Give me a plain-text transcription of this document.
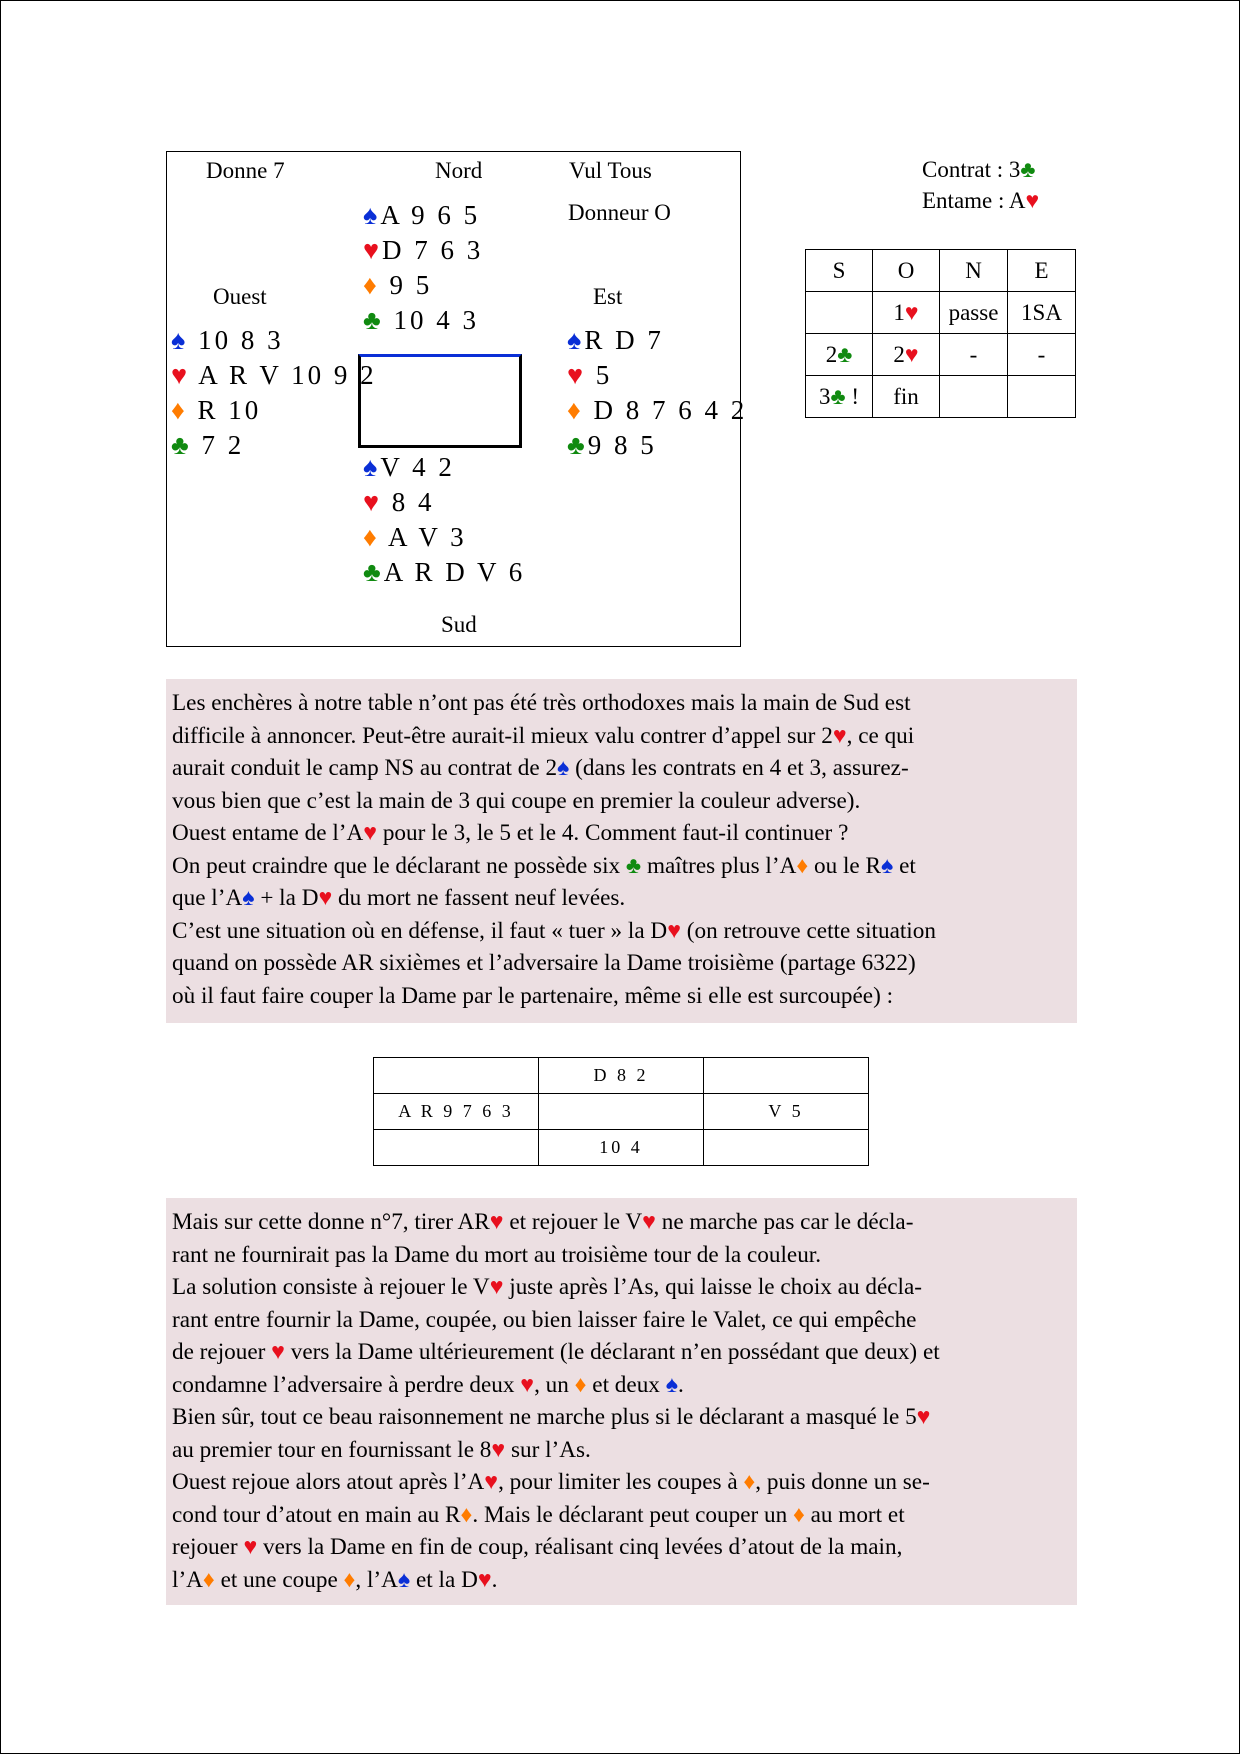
Donne 7	Nord	Vul Tous
Donneur O
Ouest	Est
Sud
♠A 9 6 5
♥D 7 6 3
♦ 9 5
♣ 10 4 3
♠ 10 8 3
♥ A R V 10 9 2
♦ R 10
♣ 7 2
♠R D 7
♥ 5
♦ D 8 7 6 4 2
♣9 8 5
♠V 4 2
♥ 8 4
♦ A V 3
♣A R D V 6
Contrat : 3♣
Entame : A♥
S	O	N	E
	1♥	passe	1SA
2♣	2♥	-	-
3♣ !	fin		

Les enchères à notre table n’ont pas été très orthodoxes mais la main de Sud est

difficile à annoncer. Peut-être aurait-il mieux valu contrer d’appel sur 2♥, ce qui

aurait conduit le camp NS au contrat de 2♠ (dans les contrats en 4 et 3, assurez-

vous bien que c’est la main de 3 qui coupe en premier la couleur adverse).

Ouest entame de l’A♥ pour le 3, le 5 et le 4. Comment faut-il continuer ?

On peut craindre que le déclarant ne possède six ♣ maîtres plus l’A♦ ou le R♠ et

que l’A♠ + la D♥ du mort ne fassent neuf levées.

C’est une situation où en défense, il faut « tuer » la D♥ (on retrouve cette situation

quand on possède AR sixièmes et l’adversaire la Dame troisième (partage 6322)

où il faut faire couper la Dame par le partenaire, même si elle est surcoupée) :

	D 8 2	
A R 9 7 6 3		V 5
	10 4	

Mais sur cette donne n°7, tirer AR♥ et rejouer le V♥ ne marche pas car le décla-

rant ne fournirait pas la Dame du mort au troisième tour de la couleur.

La solution consiste à rejouer le V♥ juste après l’As, qui laisse le choix au décla-

rant entre fournir la Dame, coupée, ou bien laisser faire le Valet, ce qui empêche

de rejouer ♥ vers la Dame ultérieurement (le déclarant n’en possédant que deux) et

condamne l’adversaire à perdre deux ♥, un ♦ et deux ♠.

Bien sûr, tout ce beau raisonnement ne marche plus si le déclarant a masqué le 5♥

au premier tour en fournissant le 8♥ sur l’As.

Ouest rejoue alors atout après l’A♥, pour limiter les coupes à ♦, puis donne un se-

cond tour d’atout en main au R♦. Mais le déclarant peut couper un ♦ au mort et

rejouer ♥ vers la Dame en fin de coup, réalisant cinq levées d’atout de la main,

l’A♦ et une coupe ♦, l’A♠ et la D♥.
